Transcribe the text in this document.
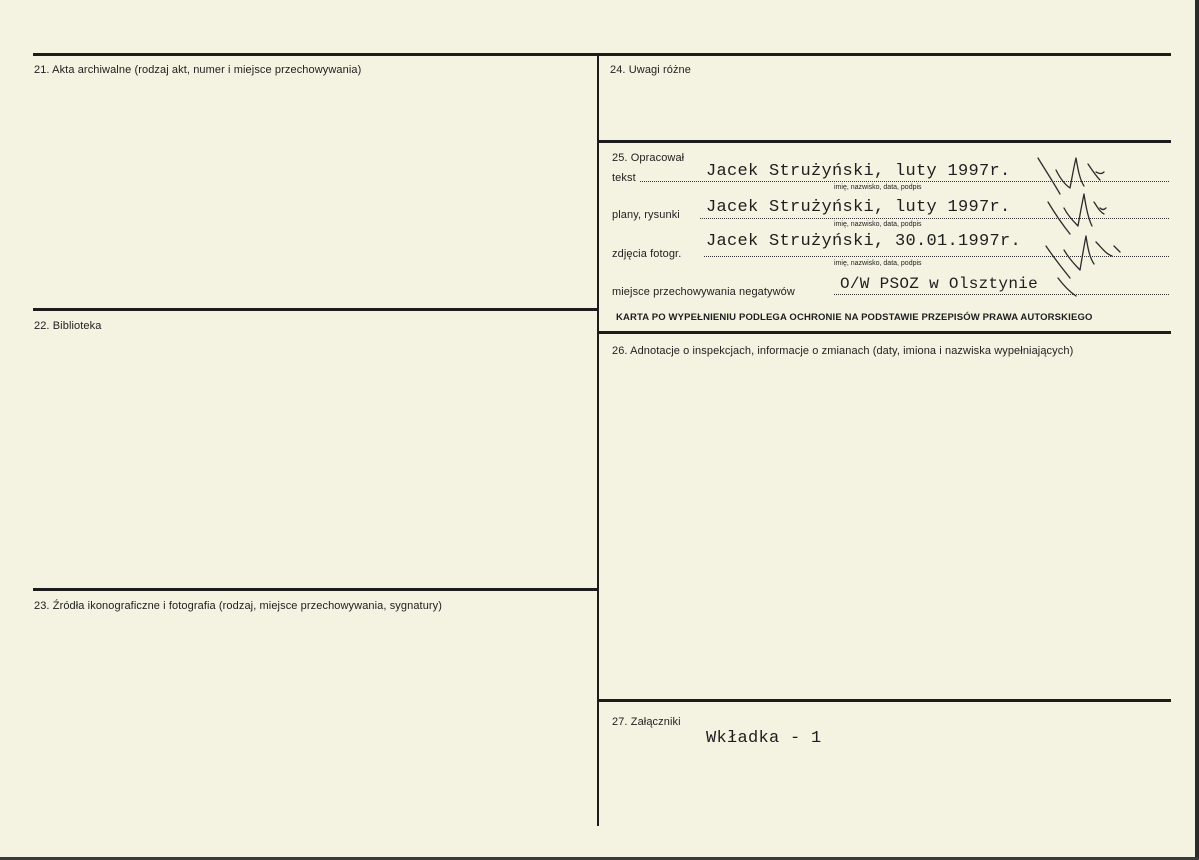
21. Akta archiwalne (rodzaj akt, numer i miejsce przechowywania)
22. Biblioteka
23. Źródła ikonograficzne i fotografia (rodzaj, miejsce przechowywania, sygnatury)
24. Uwagi różne
25. Opracował
tekst	Jacek Strużyński, luty 1997r.
imię, nazwisko, data, podpis
plany, rysunki Jacek Strużyński, luty 1997r.
imię, nazwisko, data, podpis
zdjęcia fotogr.
Jacek Strużyński, 30.01.1997r.
imię, nazwisko, data, podpis
miejsce przechowywania negatywów	O/W PSOZ w Olsztynie
KARTA PO WYPEŁNIENIU PODLEGA OCHRONIE NA PODSTAWIE PRZEPISÓW PRAWA AUTORSKIEGO
26. Adnotacje o inspekcjach, informacje o zmianach (daty, imiona i nazwiska wypełniających)
27. Załączniki
Wkładka - 1
